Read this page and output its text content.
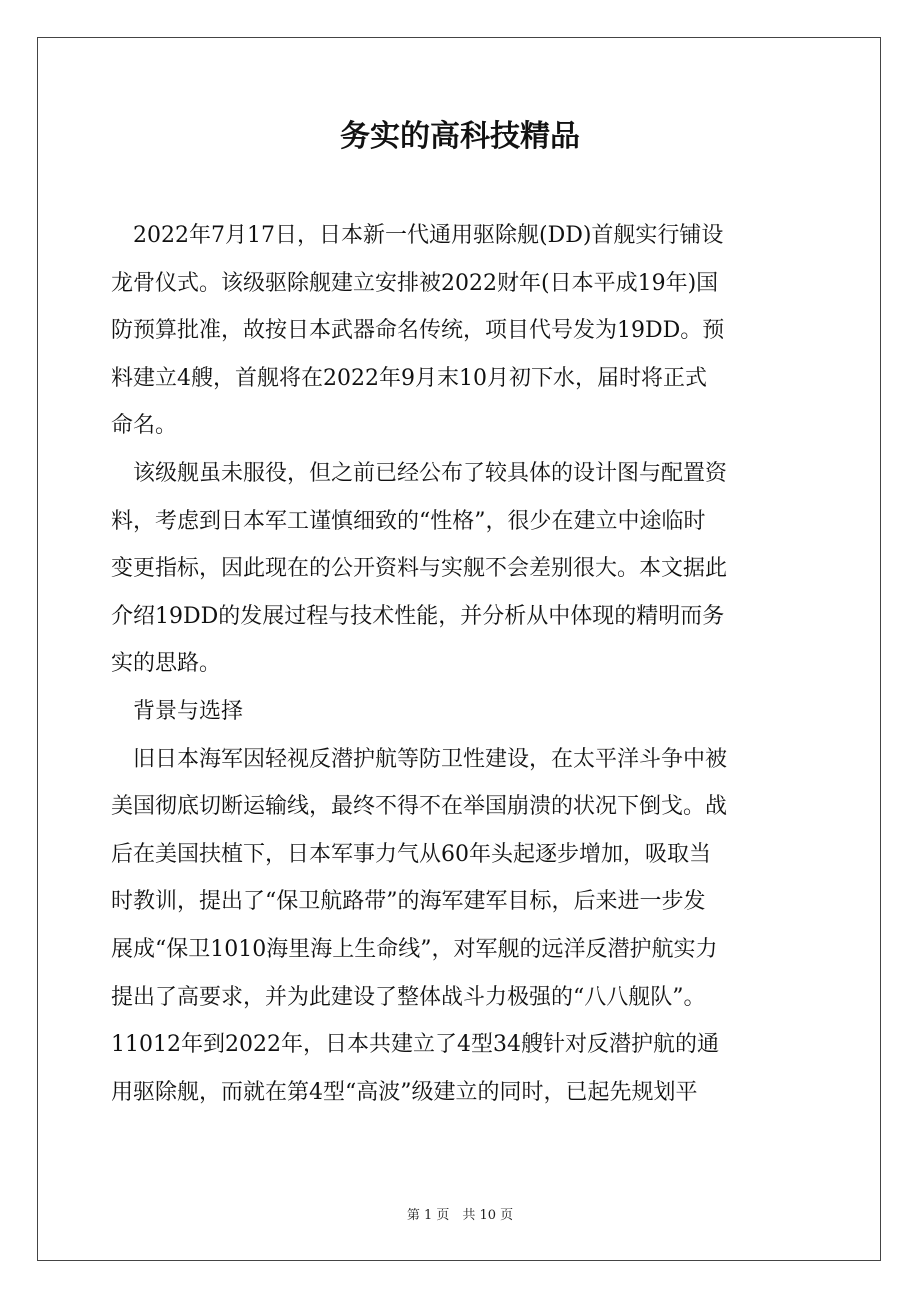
务实的高科技精品
　2022年7月17日，日本新一代通用驱除舰(DD)首舰实行铺设
龙骨仪式。该级驱除舰建立安排被2022财年(日本平成19年)国
防预算批准，故按日本武器命名传统，项目代号发为19DD。预
料建立4艘，首舰将在2022年9月末10月初下水，届时将正式
命名。
　该级舰虽未服役，但之前已经公布了较具体的设计图与配置资
料，考虑到日本军工谨慎细致的“性格”，很少在建立中途临时
变更指标，因此现在的公开资料与实舰不会差别很大。本文据此
介绍19DD的发展过程与技术性能，并分析从中体现的精明而务
实的思路。
　背景与选择
　旧日本海军因轻视反潜护航等防卫性建设，在太平洋斗争中被
美国彻底切断运输线，最终不得不在举国崩溃的状况下倒戈。战
后在美国扶植下，日本军事力气从60年头起逐步增加，吸取当
时教训，提出了“保卫航路带”的海军建军目标，后来进一步发
展成“保卫1010海里海上生命线”，对军舰的远洋反潜护航实力
提出了高要求，并为此建设了整体战斗力极强的“八八舰队”。
11012年到2022年，日本共建立了4型34艘针对反潜护航的通
用驱除舰，而就在第4型“高波”级建立的同时，已起先规划平
第 1 页　共 10 页
